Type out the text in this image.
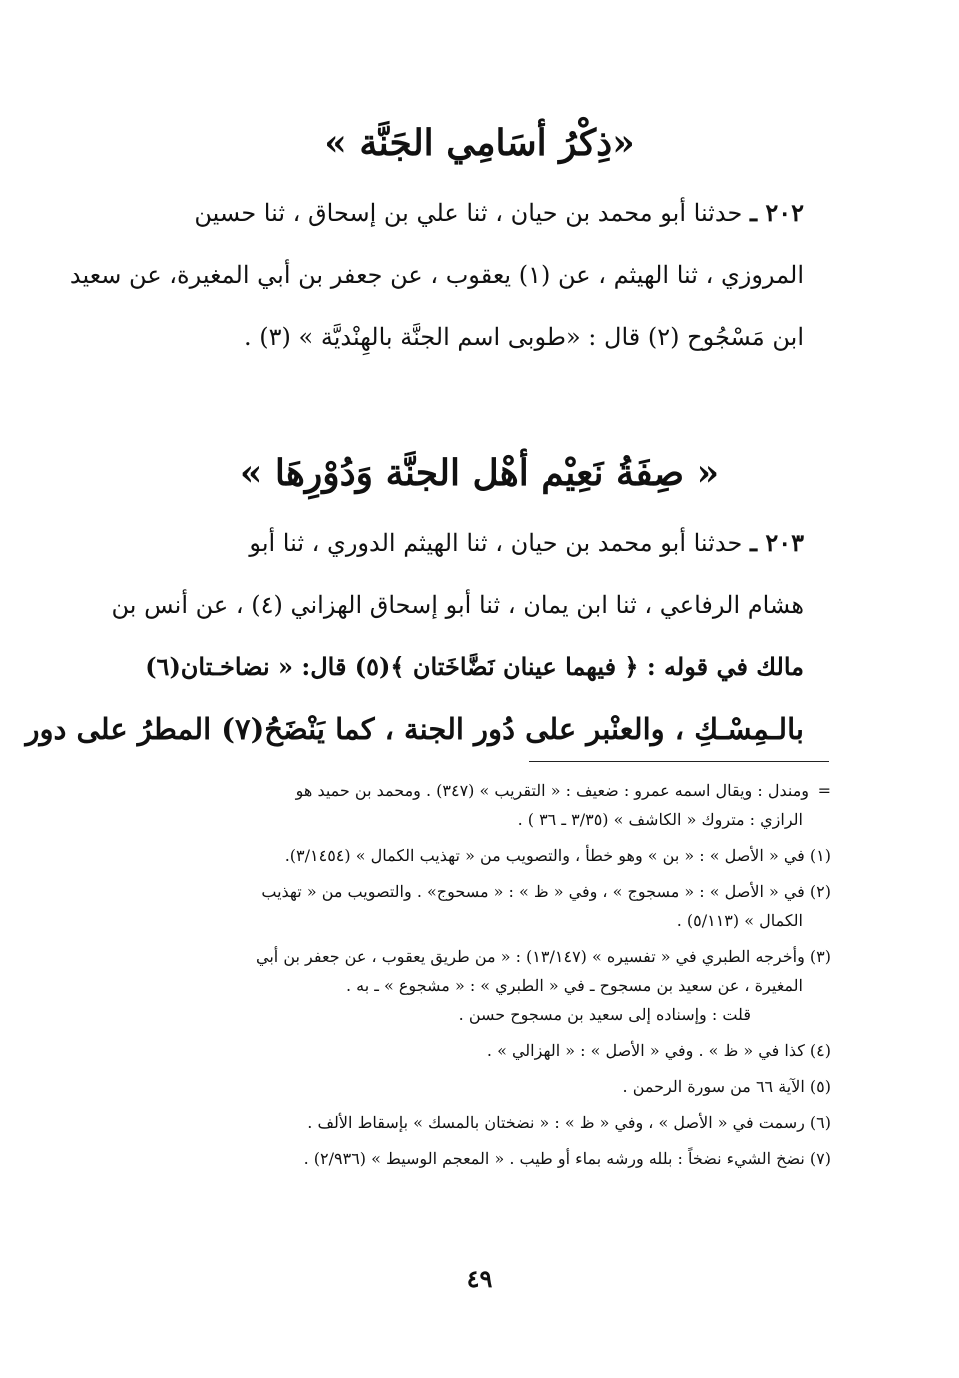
«ذِكْرُ أسَامِي الجَنَّة »
٢٠٢ ـ حدثنا أبو محمد بن حيان ، ثنا علي بن إسحاق ، ثنا حسين
المروزي ، ثنا الهيثم ، عن (١) يعقوب ، عن جعفر بن أبي المغيرة، عن سعيد
ابن مَسْجُوح (٢) قال : «طوبى اسم الجنَّة بالهِنْديَّة » (٣) .
« صِفَةُ نَعِيْم أهْل الجنَّة وَدُوْرِهَا »
٢٠٣ ـ حدثنا أبو محمد بن حيان ، ثنا الهيثم الدوري ، ثنا أبو
هشام الرفاعي ، ثنا ابن يمان ، ثنا أبو إسحاق الهزاني (٤) ، عن أنس بن
مالك في قوله : ﴿ فيهما عينان نَضَّاخَتان ﴾(٥) قال: « نضاخـتان(٦)
بالـمِسْـكِ ، والعنْبر على دُور الجنة ، كما يَنْضَحُ(٧) المطرُ على دور
=ومندل : ويقال اسمه عمرو : ضعيف : « التقريب » (٣٤٧) . ومحمد بن حميد هو
الرازي : متروك « الكاشف » (٣/٣٥ ـ ٣٦ ) .
(١) في « الأصل » : « بن » وهو خطأ ، والتصويب من « تهذيب الكمال » (٣/١٤٥٤).
(٢) في « الأصل » : « مسجوج » ، وفي « ظ » : « مسحوج» . والتصويب من « تهذيب
الكمال » (٥/١١٣) .
(٣) وأخرجه الطبري في « تفسيره » (١٣/١٤٧) : « من طريق يعقوب ، عن جعفر بن أبي
المغيرة ، عن سعيد بن مسجوح ـ في « الطبري » : « مشجوع » ـ به .
قلت : وإسناده إلى سعيد بن مسجوح حسن .
(٤) كذا في « ظ » . وفي « الأصل » : « الهزالي » .
(٥) الآية ٦٦ من سورة الرحمن .
(٦) رسمت في « الأصل » ، وفي « ظ » : « نضختان بالمسك » بإسقاط الألف .
(٧) نضخ الشيء نضخاً : بلله ورشه بماء أو طيب . « المعجم الوسيط » (٢/٩٣٦) .
٤٩
